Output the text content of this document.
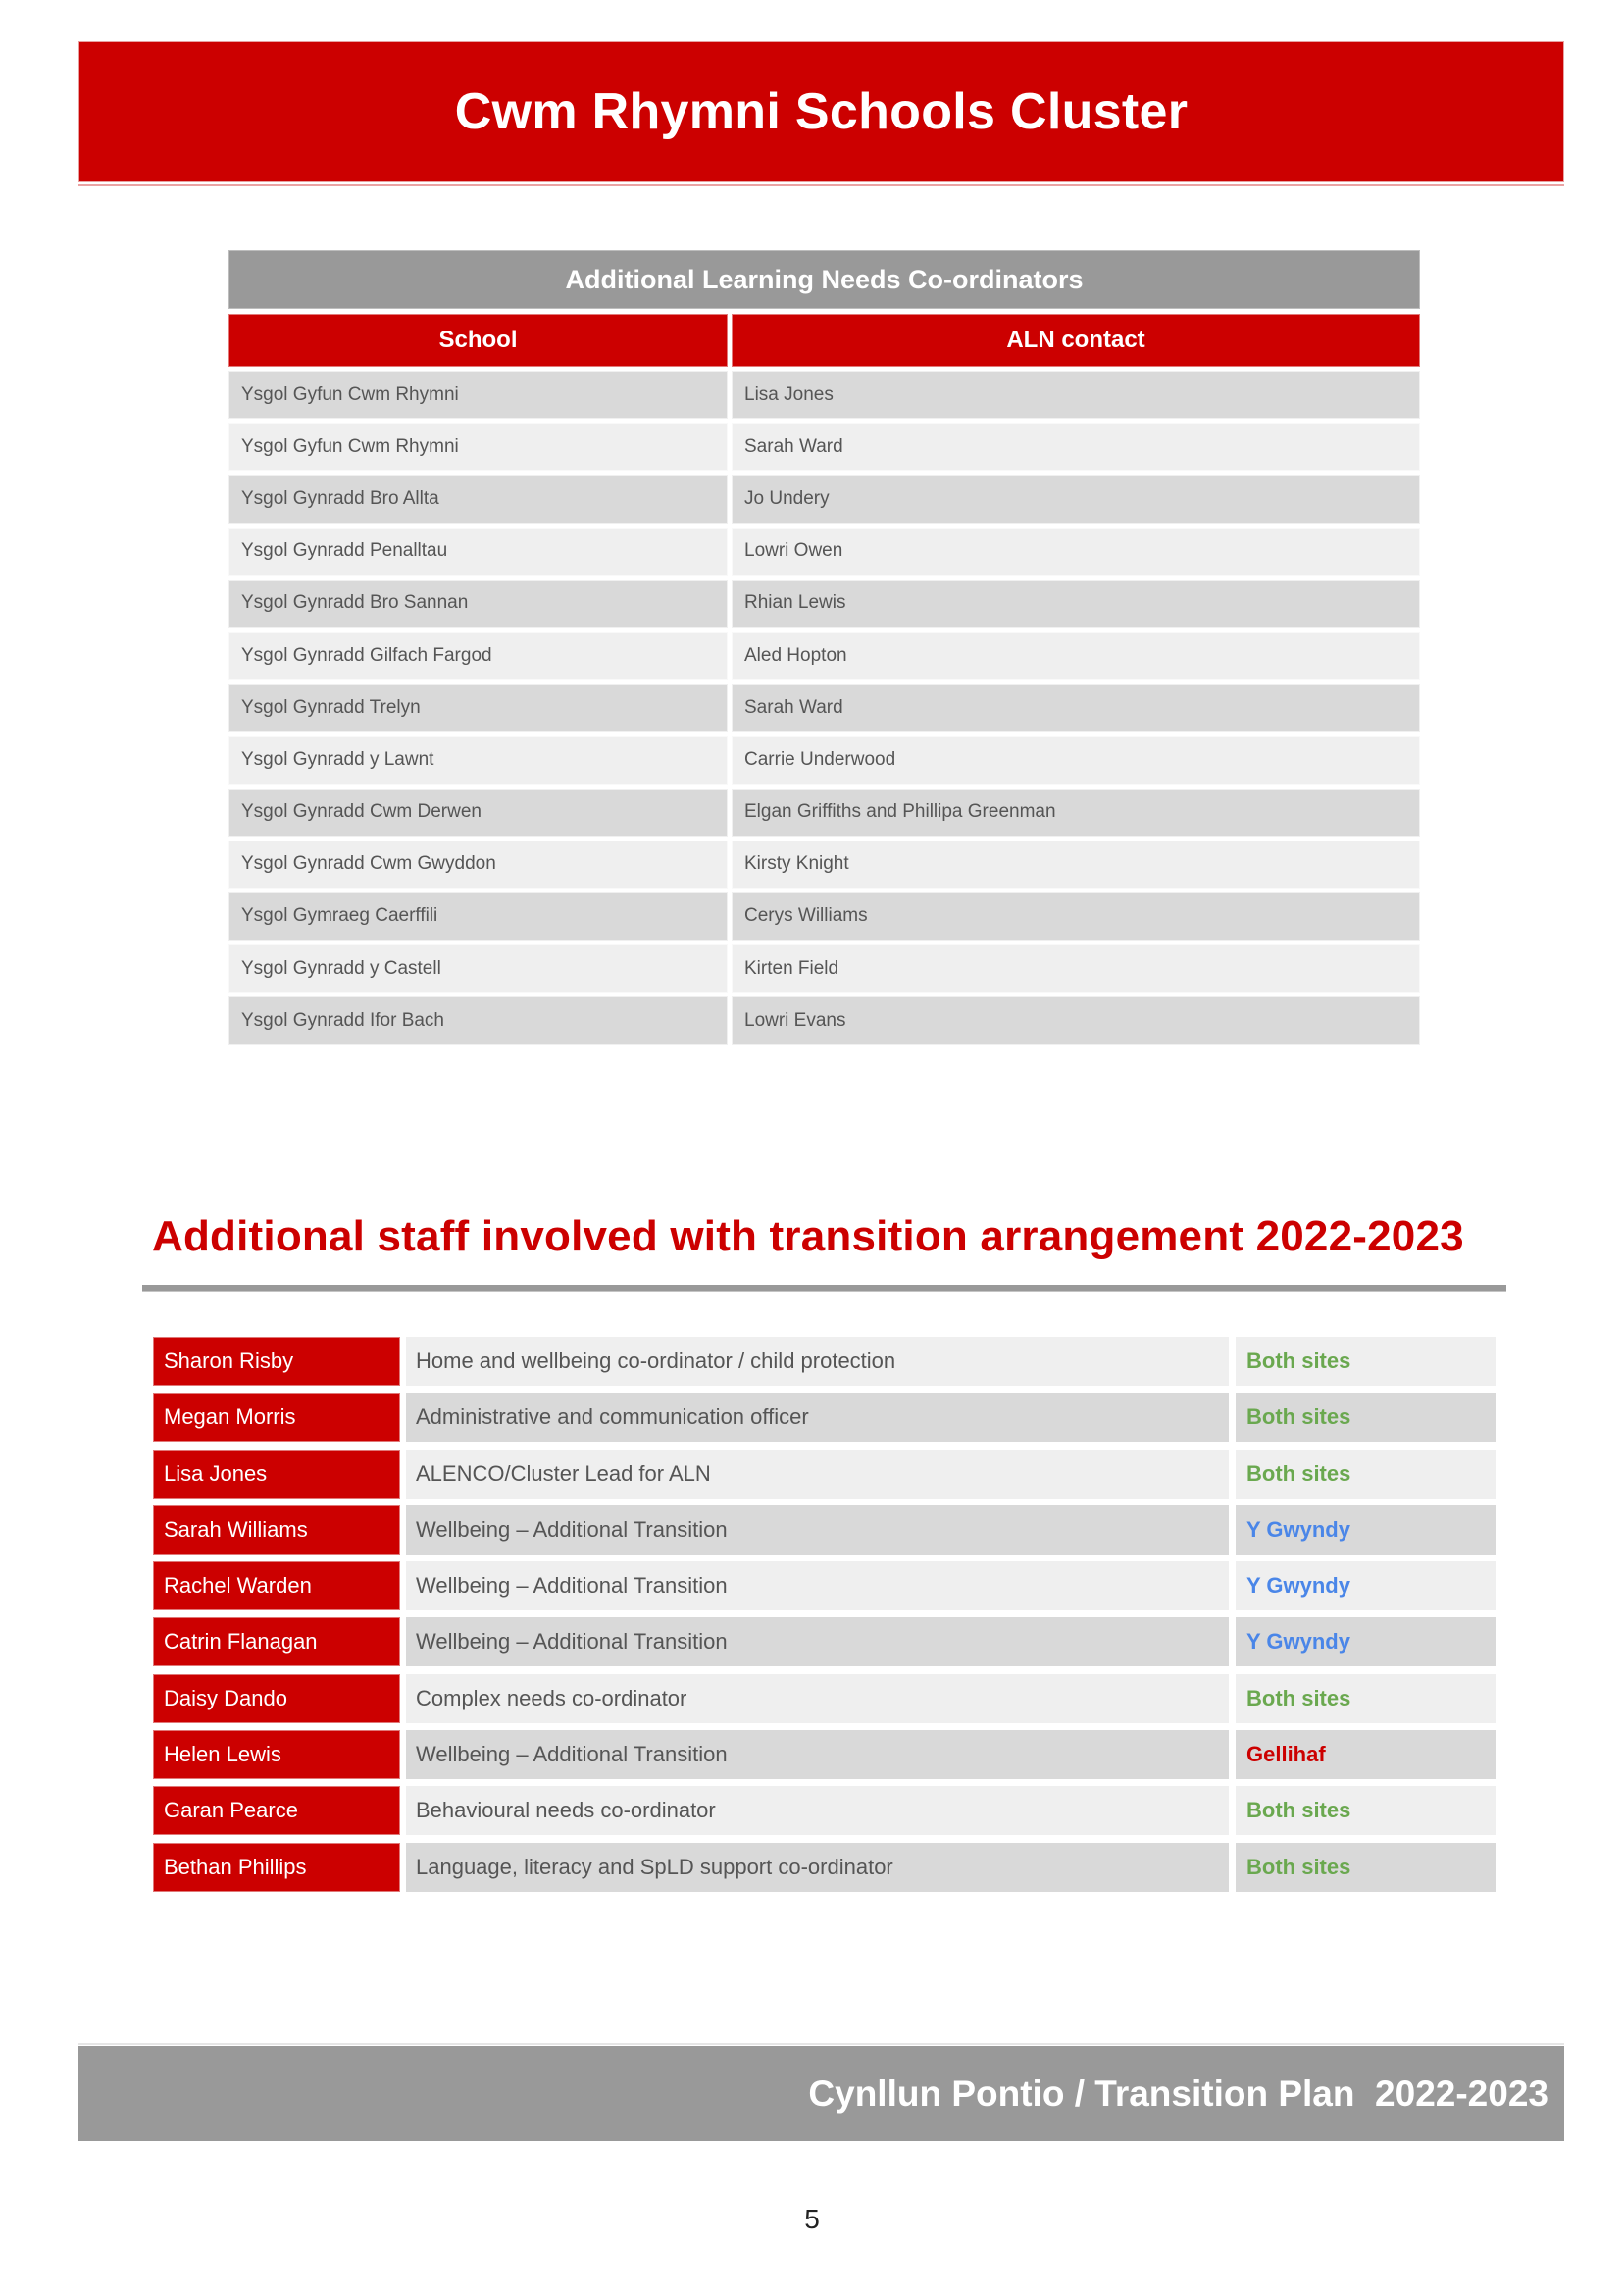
Cwm Rhymni Schools Cluster
Additional Learning Needs Co-ordinators
School	ALN contact
Ysgol Gyfun Cwm Rhymni	Lisa Jones
Ysgol Gyfun Cwm Rhymni	Sarah Ward
Ysgol Gynradd Bro Allta	Jo Undery
Ysgol Gynradd Penalltau	Lowri Owen
Ysgol Gynradd Bro Sannan	Rhian Lewis
Ysgol Gynradd Gilfach Fargod	Aled Hopton
Ysgol Gynradd Trelyn	Sarah Ward
Ysgol Gynradd y Lawnt	Carrie Underwood
Ysgol Gynradd Cwm Derwen	Elgan Griffiths and Phillipa Greenman
Ysgol Gynradd Cwm Gwyddon	Kirsty Knight
Ysgol Gymraeg Caerffili	Cerys Williams
Ysgol Gynradd y Castell	Kirten Field
Ysgol Gynradd Ifor Bach	Lowri Evans
Additional staff involved with transition arrangement 2022-2023
Sharon Risby	Home and wellbeing co-ordinator / child protection	Both sites
Megan Morris	Administrative and communication officer	Both sites
Lisa Jones	ALENCO/Cluster Lead for ALN	Both sites
Sarah Williams	Wellbeing – Additional Transition	Y Gwyndy
Rachel Warden	Wellbeing – Additional Transition	Y Gwyndy
Catrin Flanagan	Wellbeing – Additional Transition	Y Gwyndy
Daisy Dando	Complex needs co-ordinator	Both sites
Helen Lewis	Wellbeing – Additional Transition	Gellihaf
Garan Pearce	Behavioural needs co-ordinator	Both sites
Bethan Phillips	Language, literacy and SpLD support co-ordinator	Both sites
Cynllun Pontio / Transition Plan  2022-2023
5
